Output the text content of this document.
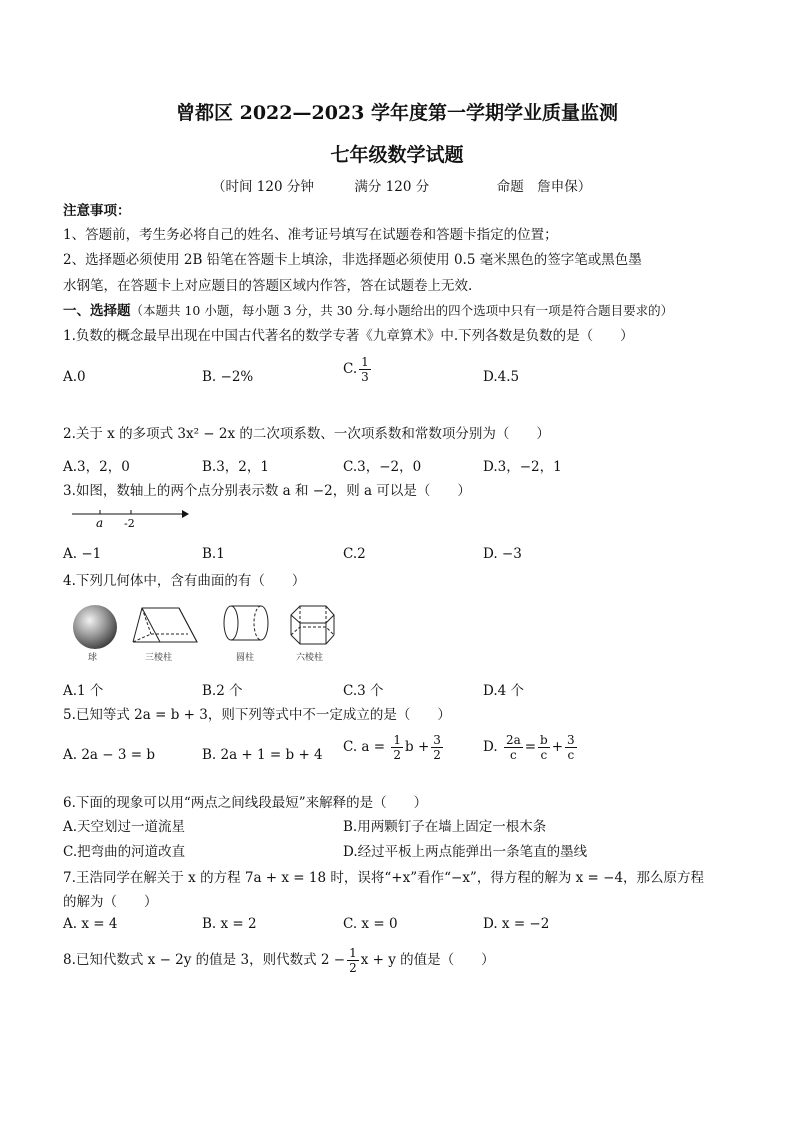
曾都区 2022—2023 学年度第一学期学业质量监测
七年级数学试题
（时间 120 分钟　　　满分 120 分　　　　　命题　詹申保）
注意事项：
1、答题前，考生务必将自己的姓名、准考证号填写在试题卷和答题卡指定的位置；
2、选择题必须使用 2B 铅笔在答题卡上填涂，非选择题必须使用 0.5 毫米黑色的签字笔或黑色墨
水钢笔，在答题卡上对应题目的答题区域内作答，答在试题卷上无效.
一、选择题（本题共 10 小题，每小题 3 分，共 30 分.每小题给出的四个选项中只有一项是符合题目要求的）
1.负数的概念最早出现在中国古代著名的数学专著《九章算术》中.下列各数是负数的是（　　）
A.0	B. −2%	C. $\frac{1}{3}$	D.4.5
2.关于 x 的多项式 3x² − 2x 的二次项系数、一次项系数和常数项分别为（　　）
A.3，2，0	B.3，2，1	C.3，−2，0	D.3，−2，1
3.如图，数轴上的两个点分别表示数 a 和 −2，则 a 可以是（　　）
a -2
A. −1	B.1	C.2	D. −3
4.下列几何体中，含有曲面的有（　　）
球	三棱柱	圆柱	六棱柱
A.1 个	B.2 个	C.3 个	D.4 个
5.已知等式 2a = b + 3，则下列等式中不一定成立的是（　　）
A. 2a − 3 = b	B. 2a + 1 = b + 4 C. $a = \frac{1}{2}$ $b + \frac{3}{2}$	D. $\frac{2a}{c} = \frac{b}{c} + \frac{3}{c}$
6.下面的现象可以用“两点之间线段最短”来解释的是（　　）
A.天空划过一道流星	B.用两颗钉子在墙上固定一根木条
C.把弯曲的河道改直	D.经过平板上两点能弹出一条笔直的墨线
7.王浩同学在解关于 x 的方程 7a + x = 18 时，误将“+x”看作“−x”，得方程的解为 x = −4，那么原方程
的解为（　　）
A. x = 4	B. x = 2	C. x = 0	D. x = −2
8.已知代数式 x − 2y 的值是 3，则代数式 $2 - \frac{1}{2}$ x + y 的值是（　　）
